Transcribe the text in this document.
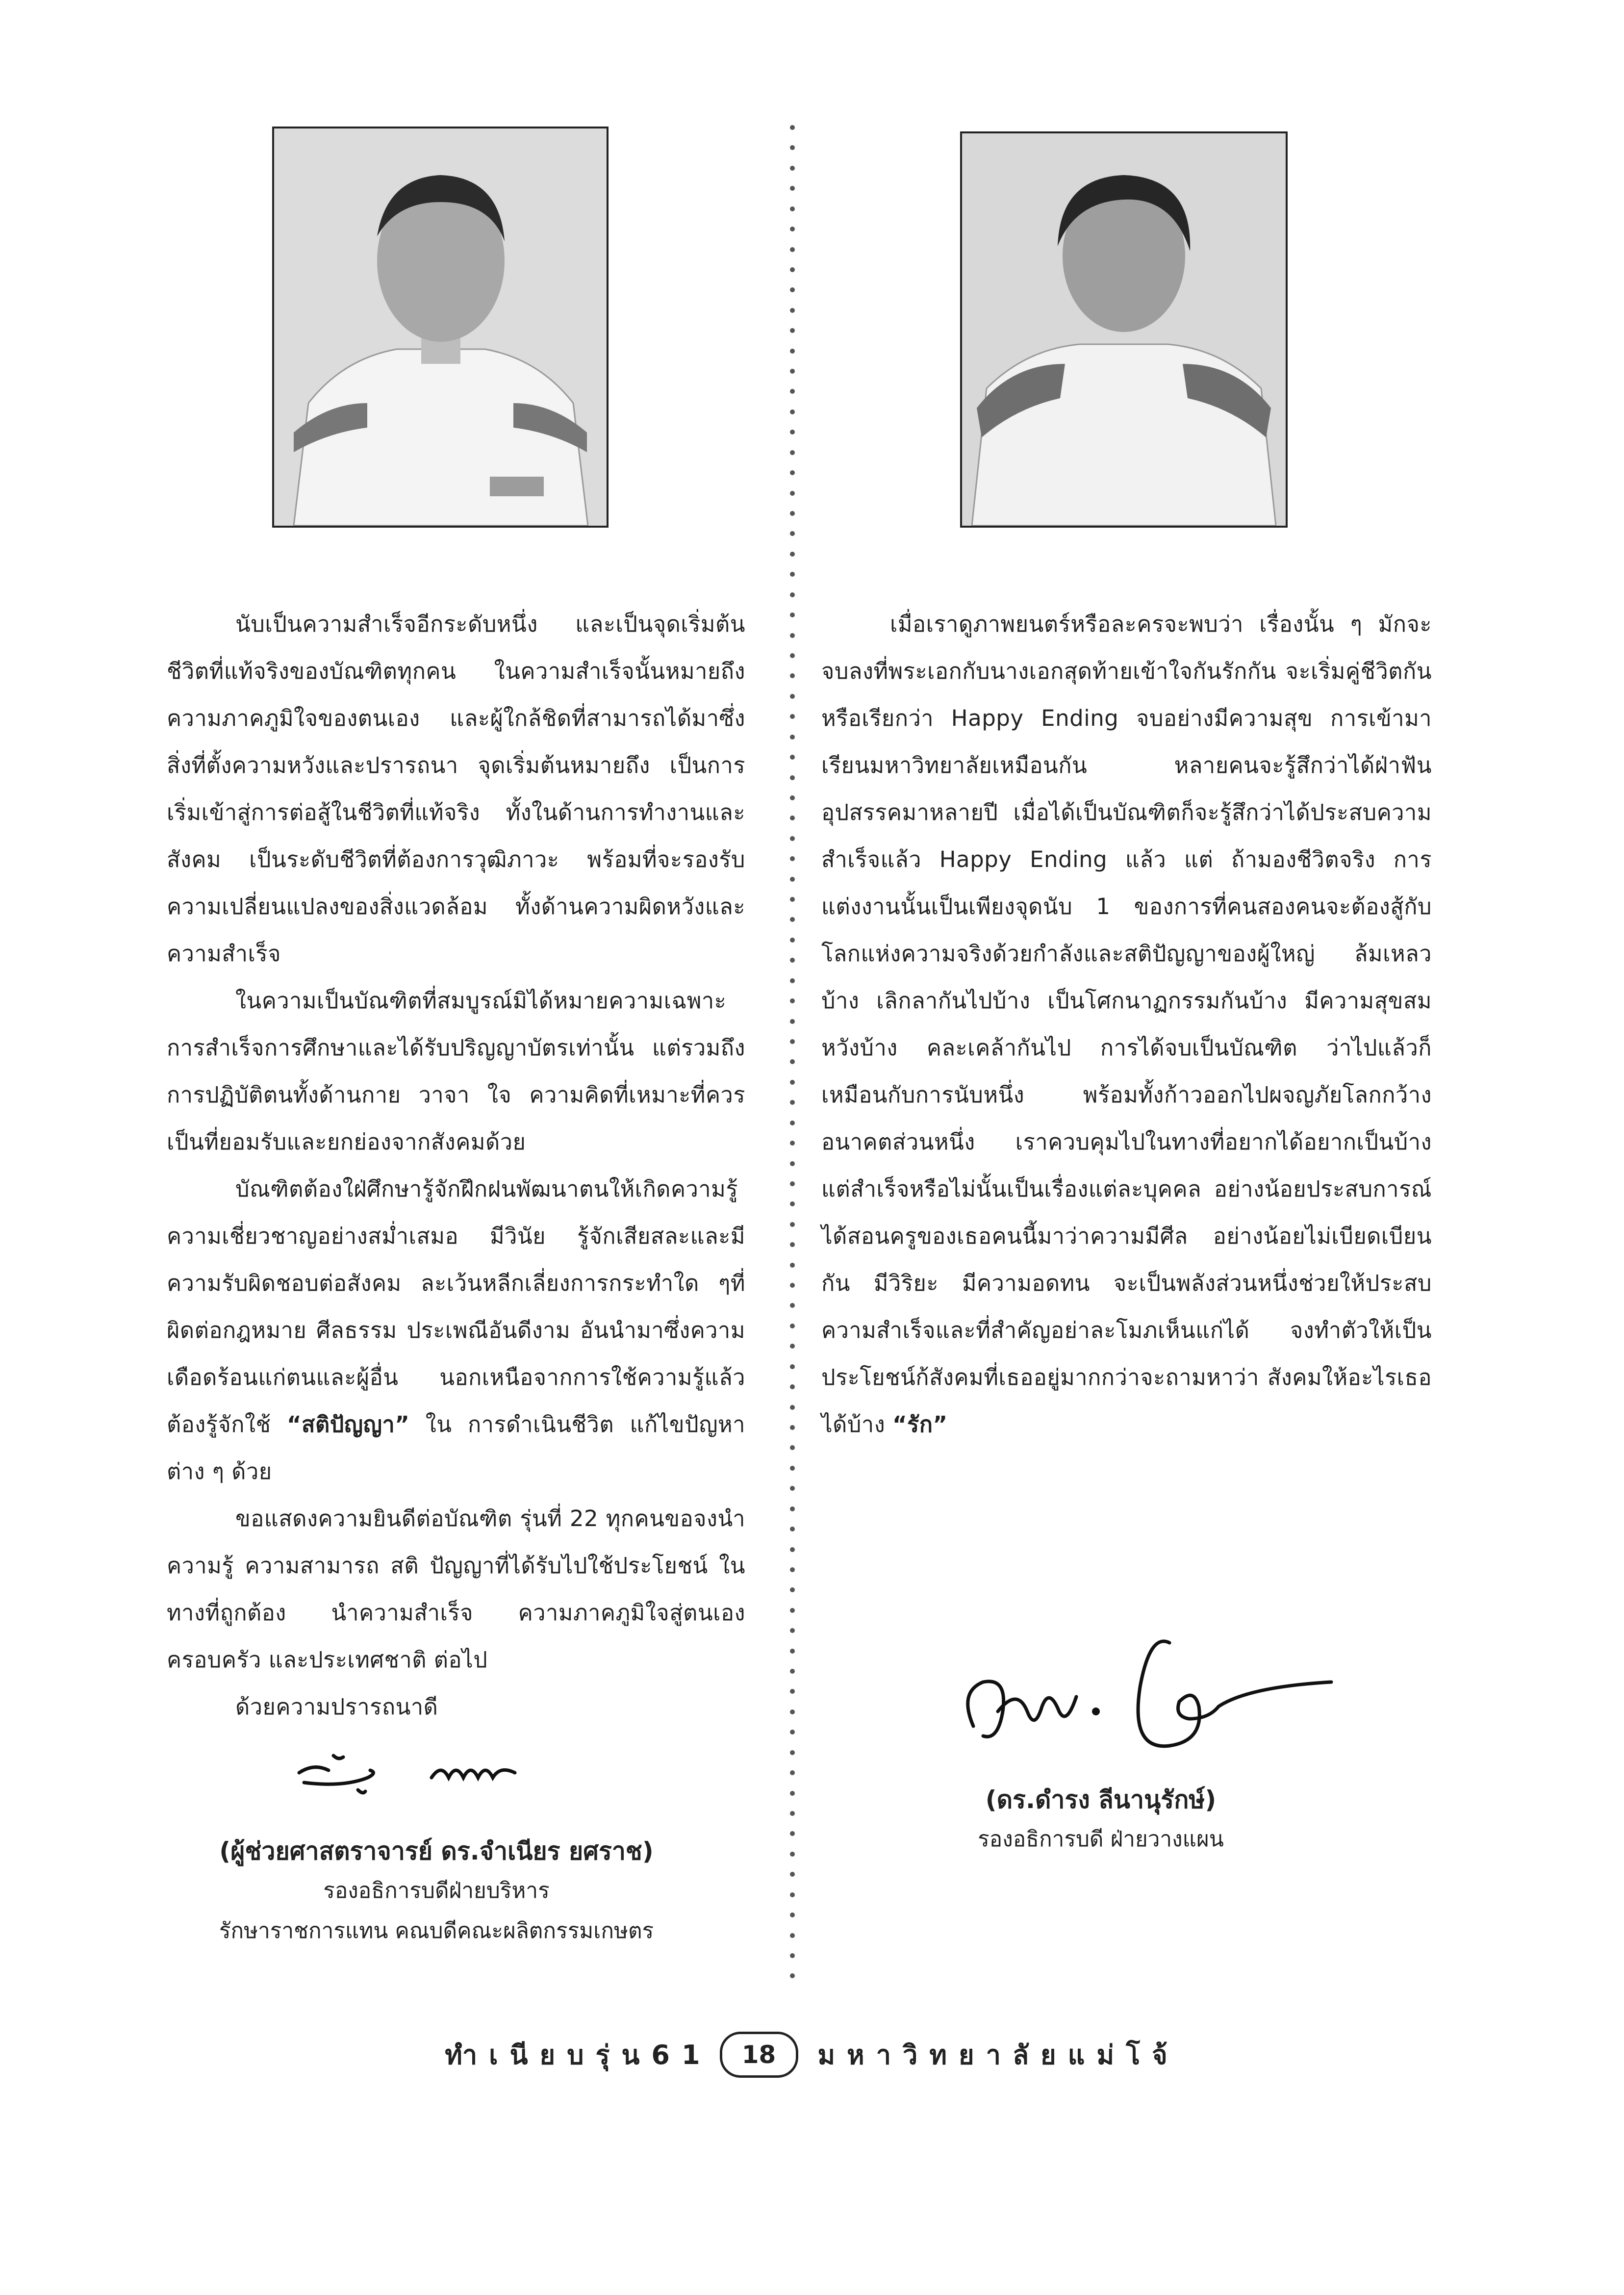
นับเป็นความสำเร็จอีกระดับหนึ่ง และเป็นจุดเริ่มต้นชีวิตที่แท้จริงของบัณฑิตทุกคน ในความสำเร็จนั้นหมายถึงความภาคภูมิใจของตนเอง และผู้ใกล้ชิดที่สามารถได้มาซึ่งสิ่งที่ตั้งความหวังและปรารถนา จุดเริ่มต้นหมายถึง เป็นการเริ่มเข้าสู่การต่อสู้ในชีวิตที่แท้จริง ทั้งในด้านการทำงานและสังคม เป็นระดับชีวิตที่ต้องการวุฒิภาวะ พร้อมที่จะรองรับความเปลี่ยนแปลงของสิ่งแวดล้อม ทั้งด้านความผิดหวังและความสำเร็จ

ในความเป็นบัณฑิตที่สมบูรณ์มิได้หมายความเฉพาะการสำเร็จการศึกษาและได้รับปริญญาบัตรเท่านั้น แต่รวมถึงการปฏิบัติตนทั้งด้านกาย วาจา ใจ ความคิดที่เหมาะที่ควร เป็นที่ยอมรับและยกย่องจากสังคมด้วย

บัณฑิตต้องใฝ่ศึกษารู้จักฝึกฝนพัฒนาตนให้เกิดความรู้ ความเชี่ยวชาญอย่างสม่ำเสมอ มีวินัย รู้จักเสียสละและมีความรับผิดชอบต่อสังคม ละเว้นหลีกเลี่ยงการกระทำใด ๆที่ผิดต่อกฎหมาย ศีลธรรม ประเพณีอันดีงาม อันนำมาซึ่งความเดือดร้อนแก่ตนและผู้อื่น นอกเหนือจากการใช้ความรู้แล้ว ต้องรู้จักใช้ “สติปัญญา” ใน การดำเนินชีวิต แก้ไขปัญหาต่าง ๆ ด้วย

ขอแสดงความยินดีต่อบัณฑิต รุ่นที่ 22 ทุกคนขอจงนำความรู้ ความสามารถ สติ ปัญญาที่ได้รับไปใช้ประโยชน์ ในทางที่ถูกต้อง นำความสำเร็จ ความภาคภูมิใจสู่ตนเอง ครอบครัว และประเทศชาติ ต่อไป

ด้วยความปรารถนาดี

(ผู้ช่วยศาสตราจารย์ ดร.จำเนียร ยศราช)
รองอธิการบดีฝ่ายบริหาร
รักษาราชการแทน คณบดีคณะผลิตกรรมเกษตร

เมื่อเราดูภาพยนตร์หรือละครจะพบว่า เรื่องนั้น ๆ มักจะจบลงที่พระเอกกับนางเอกสุดท้ายเข้าใจกันรักกัน จะเริ่มคู่ชีวิตกัน หรือเรียกว่า Happy Ending จบอย่างมีความสุข การเข้ามาเรียนมหาวิทยาลัยเหมือนกัน หลายคนจะรู้สึกว่าได้ฝ่าฟันอุปสรรคมาหลายปี เมื่อได้เป็นบัณฑิตก็จะรู้สึกว่าได้ประสบความสำเร็จแล้ว Happy Ending แล้ว แต่ ถ้ามองชีวิตจริง การแต่งงานนั้นเป็นเพียงจุดนับ 1 ของการที่คนสองคนจะต้องสู้กับโลกแห่งความจริงด้วยกำลังและสติปัญญาของผู้ใหญ่ ล้มเหลวบ้าง เลิกลากันไปบ้าง เป็นโศกนาฏกรรมกันบ้าง มีความสุขสมหวังบ้าง คละเคล้ากันไป การได้จบเป็นบัณฑิต ว่าไปแล้วก็เหมือนกับการนับหนึ่ง พร้อมทั้งก้าวออกไปผจญภัยโลกกว้าง อนาคตส่วนหนึ่ง เราควบคุมไปในทางที่อยากได้อยากเป็นบ้าง แต่สำเร็จหรือไม่นั้นเป็นเรื่องแต่ละบุคคล อย่างน้อยประสบการณ์ได้สอนครูของเธอคนนี้มาว่าความมีศีล อย่างน้อยไม่เบียดเบียนกัน มีวิริยะ มีความอดทน จะเป็นพลังส่วนหนึ่งช่วยให้ประสบความสำเร็จและที่สำคัญอย่าละโมภเห็นแก่ได้ จงทำตัวให้เป็นประโยชน์ก้สังคมที่เธออยู่มากกว่าจะถามหาว่า สังคมให้อะไรเธอได้บ้าง “รัก”

(ดร.ดำรง ลีนานุรักษ์)
รองอธิการบดี ฝ่ายวางแผน
ทำเนียบรุ่น61	18	มหาวิทยาลัยแม่โจ้
